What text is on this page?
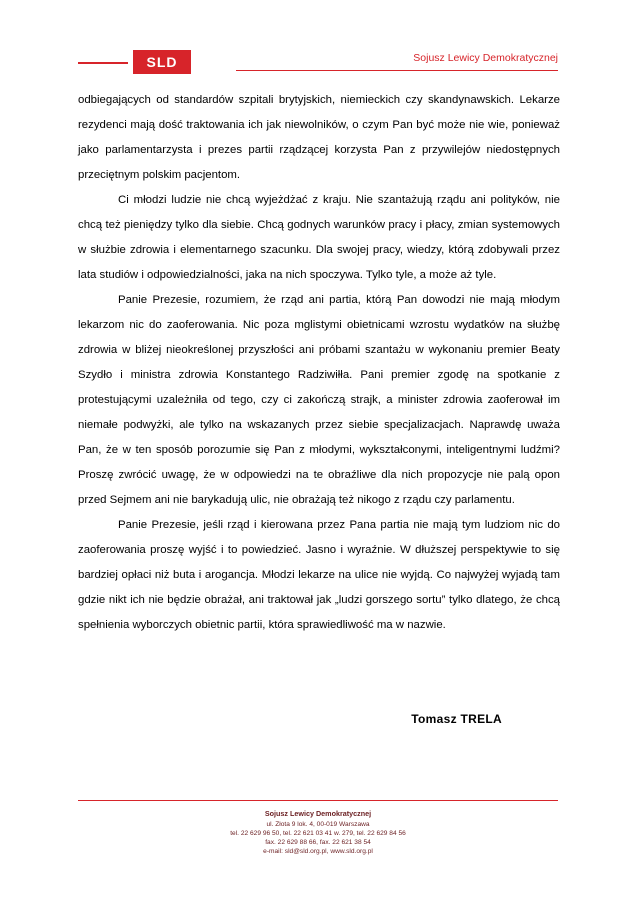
SLD	Sojusz Lewicy Demokratycznej

odbiegających od standardów szpitali brytyjskich, niemieckich czy skandynawskich. Lekarze rezydenci mają dość traktowania ich jak niewolników, o czym Pan być może nie wie, ponieważ jako parlamentarzysta i prezes partii rządzącej korzysta Pan z przywilejów niedostępnych przeciętnym polskim pacjentom.

Ci młodzi ludzie nie chcą wyjeżdżać z kraju. Nie szantażują rządu ani polityków, nie chcą też pieniędzy tylko dla siebie. Chcą godnych warunków pracy i płacy, zmian systemowych w służbie zdrowia i elementarnego szacunku. Dla swojej pracy, wiedzy, którą zdobywali przez lata studiów i odpowiedzialności, jaka na nich spoczywa. Tylko tyle, a może aż tyle.

Panie Prezesie, rozumiem, że rząd ani partia, którą Pan dowodzi nie mają młodym lekarzom nic do zaoferowania. Nic poza mglistymi obietnicami wzrostu wydatków na służbę zdrowia w bliżej nieokreślonej przyszłości ani próbami szantażu w wykonaniu premier Beaty Szydło i ministra zdrowia Konstantego Radziwiłła. Pani premier zgodę na spotkanie z protestującymi uzależniła od tego, czy ci zakończą strajk, a minister zdrowia zaoferował im niemałe podwyżki, ale tylko na wskazanych przez siebie specjalizacjach. Naprawdę uważa Pan, że w ten sposób porozumie się Pan z młodymi, wykształconymi, inteligentnymi ludźmi? Proszę zwrócić uwagę, że w odpowiedzi na te obraźliwe dla nich propozycje nie palą opon przed Sejmem ani nie barykadują ulic, nie obrażają też nikogo z rządu czy parlamentu.

Panie Prezesie, jeśli rząd i kierowana przez Pana partia nie mają tym ludziom nic do zaoferowania proszę wyjść i to powiedzieć. Jasno i wyraźnie. W dłuższej perspektywie to się bardziej opłaci niż buta i arogancja. Młodzi lekarze na ulice nie wyjdą. Co najwyżej wyjadą tam gdzie nikt ich nie będzie obrażał, ani traktował jak „ludzi gorszego sortu” tylko dlatego, że chcą spełnienia wyborczych obietnic partii, która sprawiedliwość ma w nazwie.

Tomasz TRELA
Sojusz Lewicy Demokratycznej
ul. Złota 9 lok. 4, 00-019 Warszawa
tel. 22 629 96 50, tel. 22 621 03 41 w. 279, tel. 22 629 84 56
fax. 22 629 88 66, fax. 22 621 38 54
e-mail: sld@sld.org.pl, www.sld.org.pl
